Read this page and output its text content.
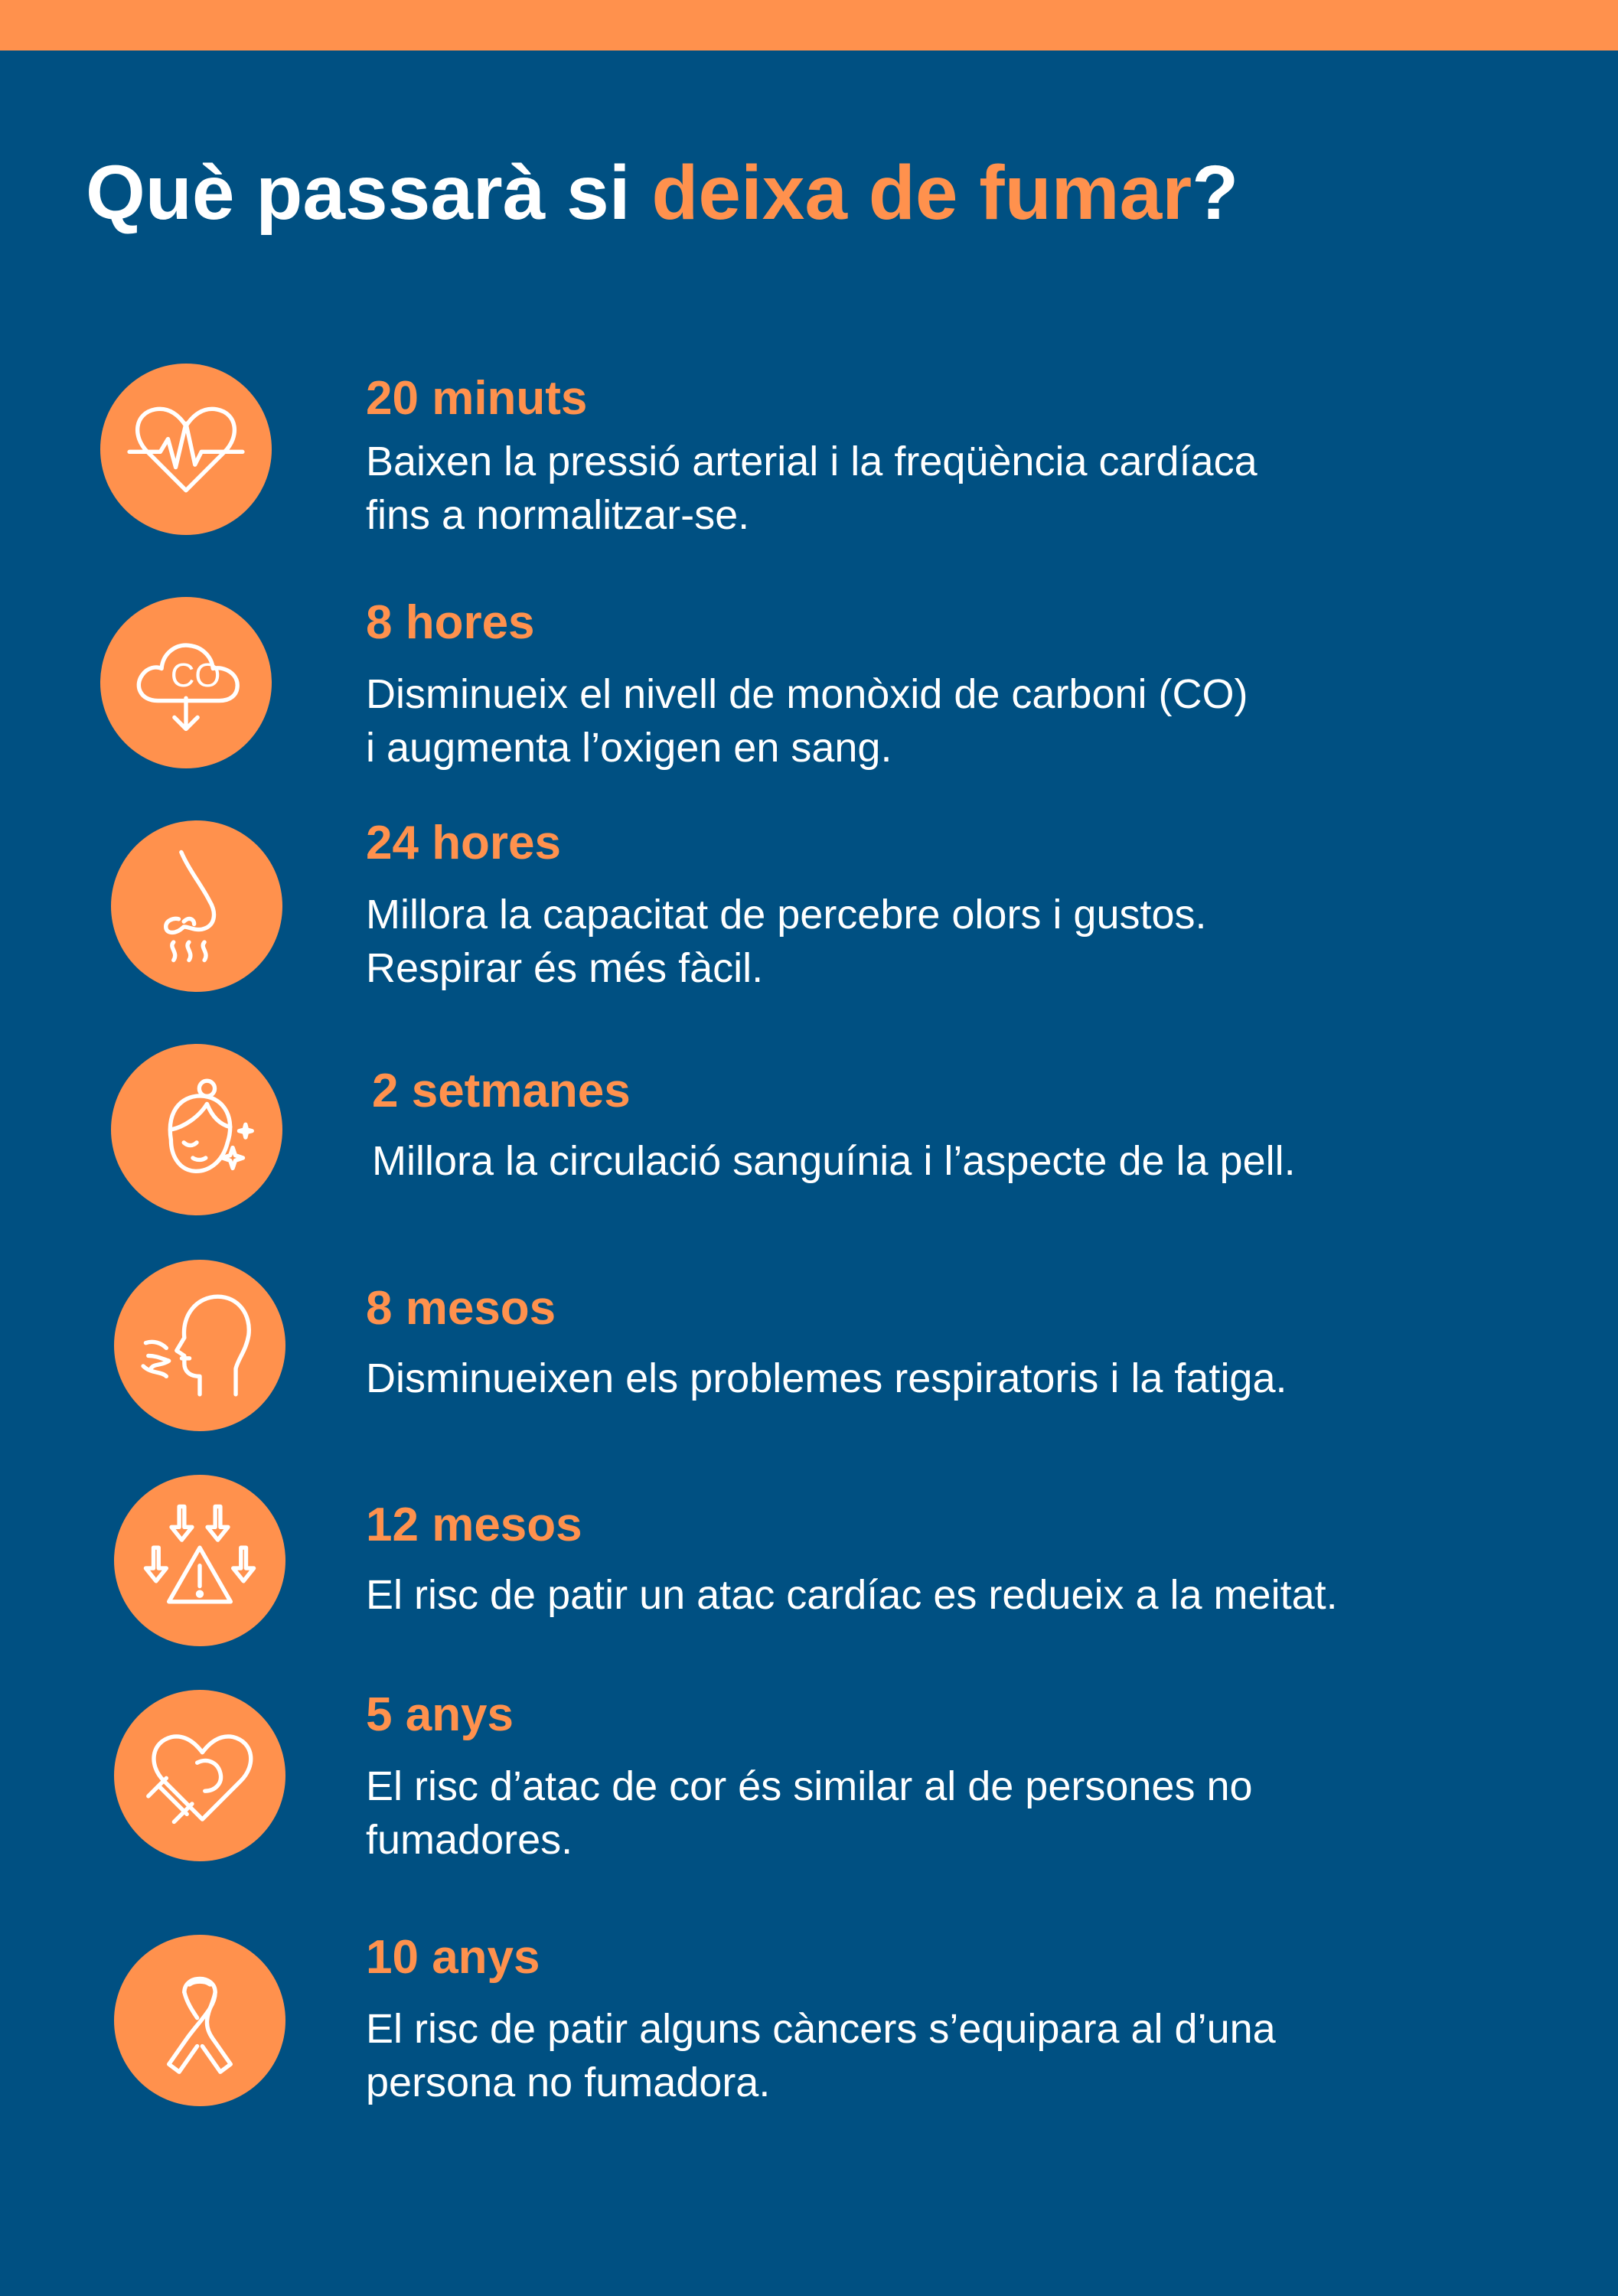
Què passarà si deixa de fumar?
20 minuts

Baixen la pressió arterial i la freqüència cardíaca
fins a normalitzar-se.

CO
8 hores

Disminueix el nivell de monòxid de carboni (CO)
i augmenta l’oxigen en sang.

24 hores

Millora la capacitat de percebre olors i gustos.
Respirar és més fàcil.

2 setmanes

Millora la circulació sanguínia i l’aspecte de la pell.

8 mesos

Disminueixen els problemes respiratoris i la fatiga.

12 mesos

El risc de patir un atac cardíac es redueix a la meitat.

5 anys

El risc d’atac de cor és similar al de persones no
fumadores.

10 anys

El risc de patir alguns càncers s’equipara al d’una
persona no fumadora.
